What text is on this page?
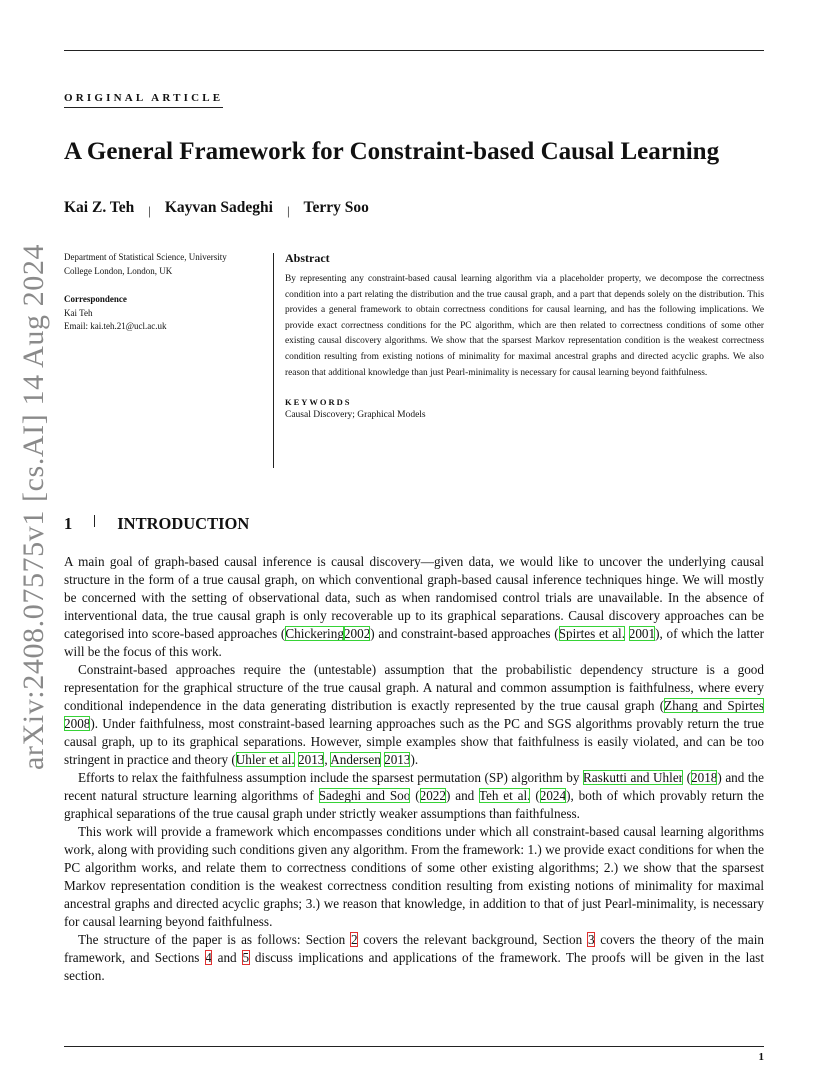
arXiv:2408.07575v1 [cs.AI] 14 Aug 2024
ORIGINAL ARTICLE
A General Framework for Constraint-based Causal Learning
Kai Z. Teh | Kayvan Sadeghi | Terry Soo

Department of Statistical Science, University

College London, London, UK

Correspondence

Kai Teh

Email: kai.teh.21@ucl.ac.uk

Abstract

By representing any constraint-based causal learning algorithm via a placeholder property, we decompose the correctness condition into a part relating the distribution and the true causal graph, and a part that depends solely on the distribution. This provides a general framework to obtain correctness conditions for causal learning, and has the following implications. We provide exact correctness conditions for the PC algorithm, which are then related to correctness conditions of some other existing causal discovery algorithms. We show that the sparsest Markov representation condition is the weakest correctness condition resulting from existing notions of minimality for maximal ancestral graphs and directed acyclic graphs. We also reason that additional knowledge than just Pearl-minimality is necessary for causal learning beyond faithfulness.

KEYWORDS
Causal Discovery; Graphical Models
1	INTRODUCTION

A main goal of graph-based causal inference is causal discovery—given data, we would like to uncover the underlying causal structure in the form of a true causal graph, on which conventional graph-based causal inference techniques hinge. We will mostly be concerned with the setting of observational data, such as when randomised control trials are unavailable. In the absence of interventional data, the true causal graph is only recoverable up to its graphical separations. Causal discovery approaches can be categorised into score-based approaches (Chickering2002) and constraint-based approaches (Spirtes et al. 2001), of which the latter will be the focus of this work.

Constraint-based approaches require the (untestable) assumption that the probabilistic dependency structure is a good representation for the graphical structure of the true causal graph. A natural and common assumption is faithfulness, where every conditional independence in the data generating distribution is exactly represented by the true causal graph (Zhang and Spirtes 2008). Under faithfulness, most constraint-based learning approaches such as the PC and SGS algorithms provably return the true causal graph, up to its graphical separations. However, simple examples show that faithfulness is easily violated, and can be too stringent in practice and theory (Uhler et al. 2013, Andersen 2013).

Efforts to relax the faithfulness assumption include the sparsest permutation (SP) algorithm by Raskutti and Uhler (2018) and the recent natural structure learning algorithms of Sadeghi and Soo (2022) and Teh et al. (2024), both of which provably return the graphical separations of the true causal graph under strictly weaker assumptions than faithfulness.

This work will provide a framework which encompasses conditions under which all constraint-based causal learning algorithms work, along with providing such conditions given any algorithm. From the framework: 1.) we provide exact conditions for when the PC algorithm works, and relate them to correctness conditions of some other existing algorithms; 2.) we show that the sparsest Markov representation condition is the weakest correctness condition resulting from existing notions of minimality for maximal ancestral graphs and directed acyclic graphs; 3.) we reason that knowledge, in addition to that of just Pearl-minimality, is necessary for causal learning beyond faithfulness.

The structure of the paper is as follows: Section 2 covers the relevant background, Section 3 covers the theory of the main framework, and Sections 4 and 5 discuss implications and applications of the framework. The proofs will be given in the last section.

1
